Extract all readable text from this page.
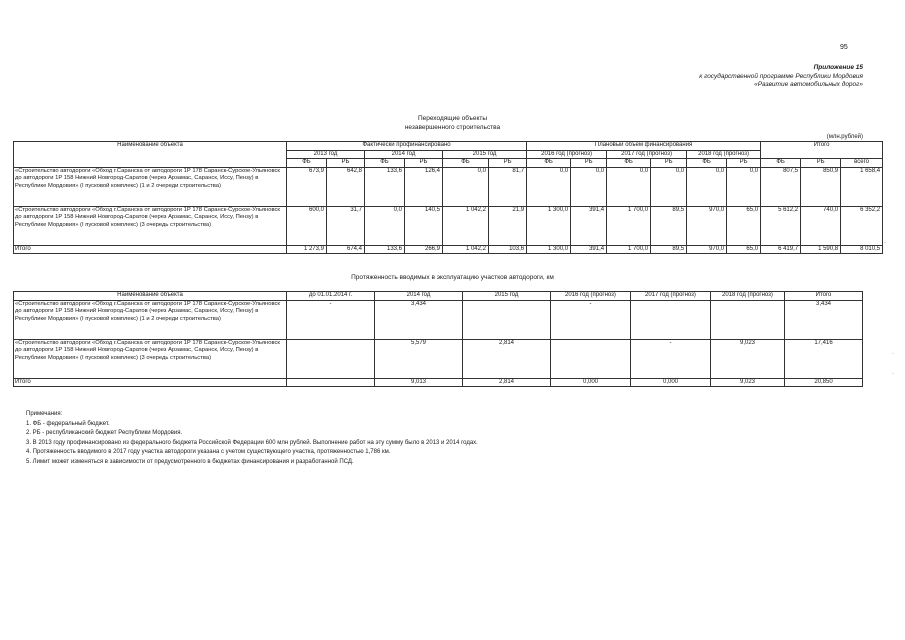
95
Приложение 15
к государственной программе Республики Мордовия
«Развитие автомобильных дорог»
Переходящие объекты
незавершенного строительства
(млн.рублей)
Наименование объекта	Фактически профинансировано						Плановый объем финансирования						Итого		
	2013 год		2014 год		2015 год		2016 год (прогноз)		2017 год (прогноз)		2018 год (прогноз)				
	ФБ	РБ	ФБ	РБ	ФБ	РБ	ФБ	РБ	ФБ	РБ	ФБ	РБ	ФБ	РБ	всего
«Строительство автодороги «Обход г.Саранска от автодороги 1Р 178 Саранск-Сурское-Ульяновск до автодороги 1Р 158 Нижний Новгород-Саратов (через Арзамас, Саранск, Иссу, Пензу) в Республике Мордовия» (I пусковой комплекс) (1 и 2 очереди строительства)	673,9	642,8	133,6	126,4	0,0	81,7	0,0	0,0	0,0	0,0	0,0	0,0	807,5	850,9	1 658,4
«Строительство автодороги «Обход г.Саранска от автодороги 1Р 178 Саранск-Сурское-Ульяновск до автодороги 1Р 158 Нижний Новгород-Саратов (через Арзамас, Саранск, Иссу, Пензу) в Республике Мордовия» (I пусковой комплекс) (3 очередь строительства)	600,0	31,7	0,0	140,5	1 042,2	21,9	1 300,0	391,4	1 700,0	89,5	970,0	65,0	5 612,2	740,0	6 352,2
Итого	1 273,9	674,4	133,6	266,9	1 042,2	103,6	1 300,0	391,4	1 700,0	89,5	970,0	65,0	6 419,7	1 590,8	8 010,5
Протяженность вводимых в эксплуатацию участков автодороги, км
Наименование объекта	до 01.01.2014 г.	2014 год	2015 год	2016 год (прогноз)	2017 год (прогноз)	2018 год (прогноз)	Итого
«Строительство автодороги «Обход г.Саранска от автодороги 1Р 178 Саранск-Сурское-Ульяновск до автодороги 1Р 158 Нижний Новгород-Саратов (через Арзамас, Саранск, Иссу, Пензу) в Республике Мордовия» (I пусковой комплекс) (1 и 2 очереди строительства)	-	3,434		-			3,434
«Строительство автодороги «Обход г.Саранска от автодороги 1Р 178 Саранск-Сурское-Ульяновск до автодороги 1Р 158 Нижний Новгород-Саратов (через Арзамас, Саранск, Иссу, Пензу) в Республике Мордовия» (I пусковой комплекс) (3 очередь строительства)		5,579	2,814		-	9,023	17,416
Итого		9,013	2,814	0,000	0,000	9,023	20,850
Примечания:
1. ФБ - федеральный бюджет.
2. РБ - республиканский бюджет Республики Мордовия.
3. В 2013 году профинансировано из федерального бюджета Российской Федерации 600 млн рублей. Выполнение работ на эту сумму было в 2013 и 2014 годах.
4. Протяженность вводимого в 2017 году участка автодороги указана с учетом существующего участка, протяженностью 1,786 км.
5. Лимит может изменяться в зависимости от предусмотренного в бюджетах финансирования и разработанной ПСД.
·
·
·
